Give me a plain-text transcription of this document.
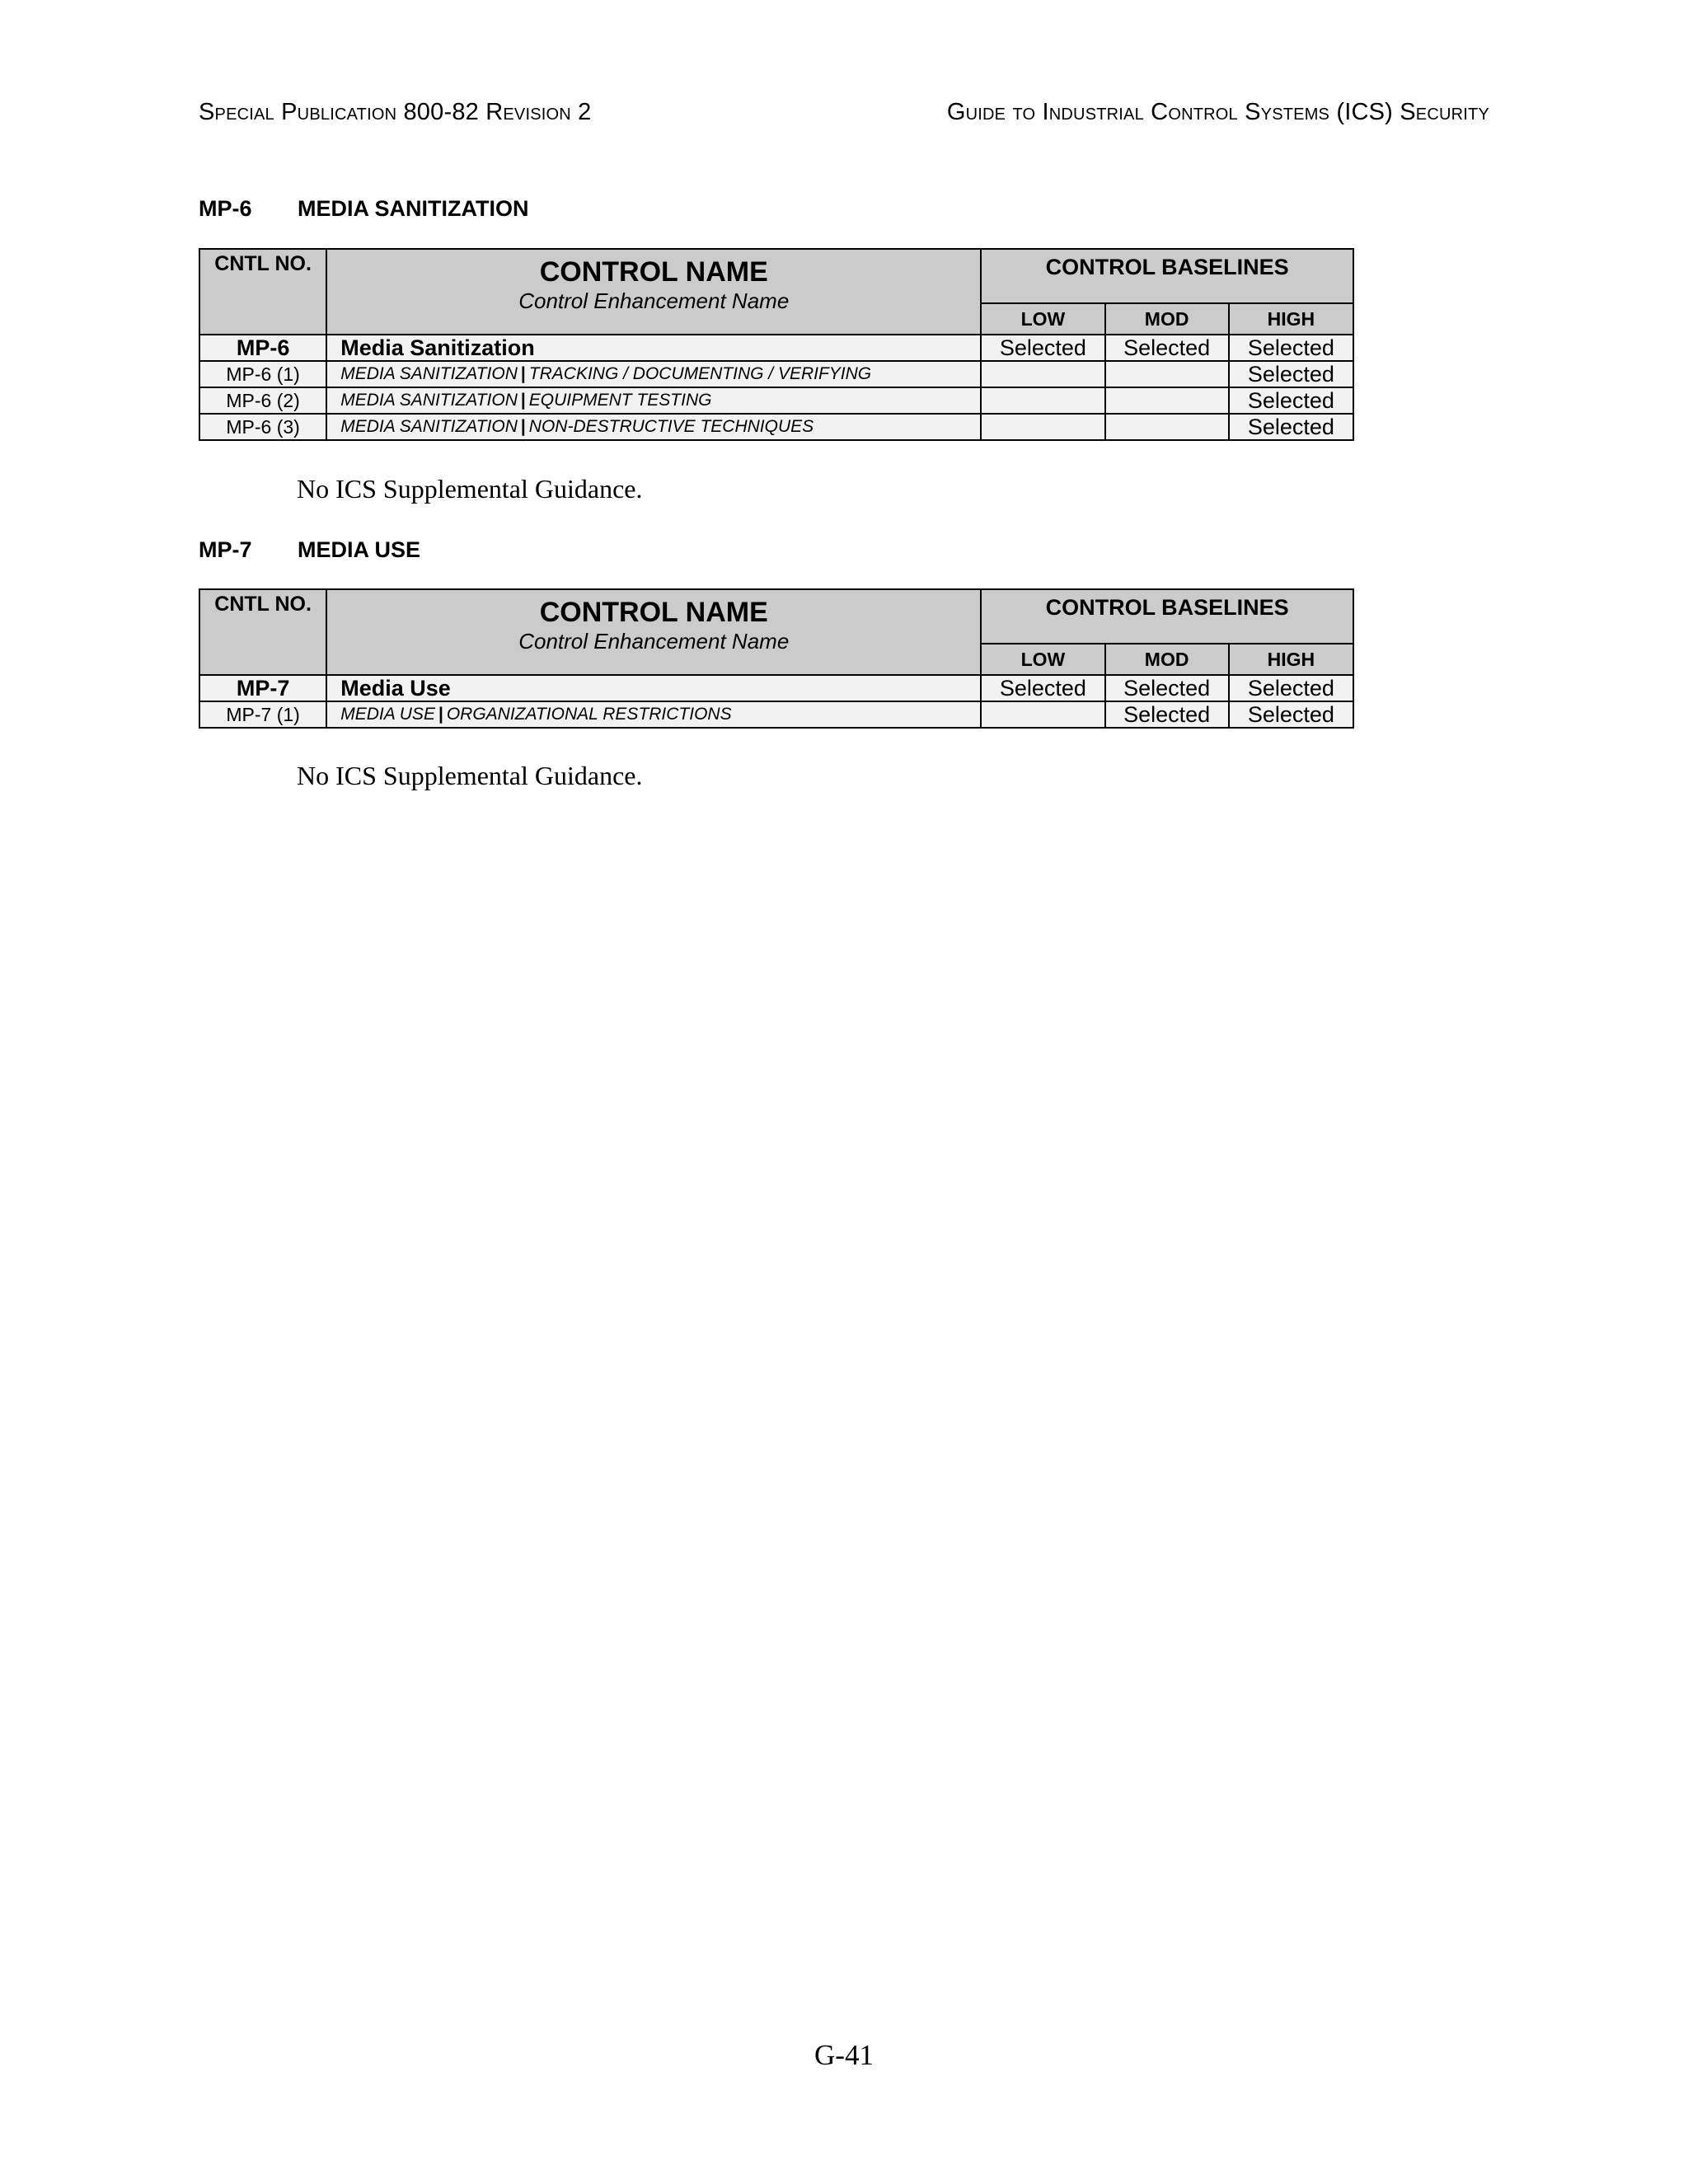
Special Publication 800-82 Revision 2	Guide to Industrial Control Systems (ICS) Security
MP-6 MEDIA SANITIZATION
CNTL NO.	CONTROL NAME
Control Enhancement Name	CONTROL BASELINES		
		LOW	MOD	HIGH
MP-6	Media Sanitization	Selected	Selected	Selected
MP-6 (1)	MEDIA SANITIZATION | TRACKING / DOCUMENTING / VERIFYING			Selected
MP-6 (2)	MEDIA SANITIZATION | EQUIPMENT TESTING			Selected
MP-6 (3)	MEDIA SANITIZATION | NON-DESTRUCTIVE TECHNIQUES			Selected
No ICS Supplemental Guidance.
MP-7 MEDIA USE
CNTL NO.	CONTROL NAME
Control Enhancement Name	CONTROL BASELINES		
		LOW	MOD	HIGH
MP-7	Media Use	Selected	Selected	Selected
MP-7 (1)	MEDIA USE | ORGANIZATIONAL RESTRICTIONS		Selected	Selected
No ICS Supplemental Guidance.
G-41
